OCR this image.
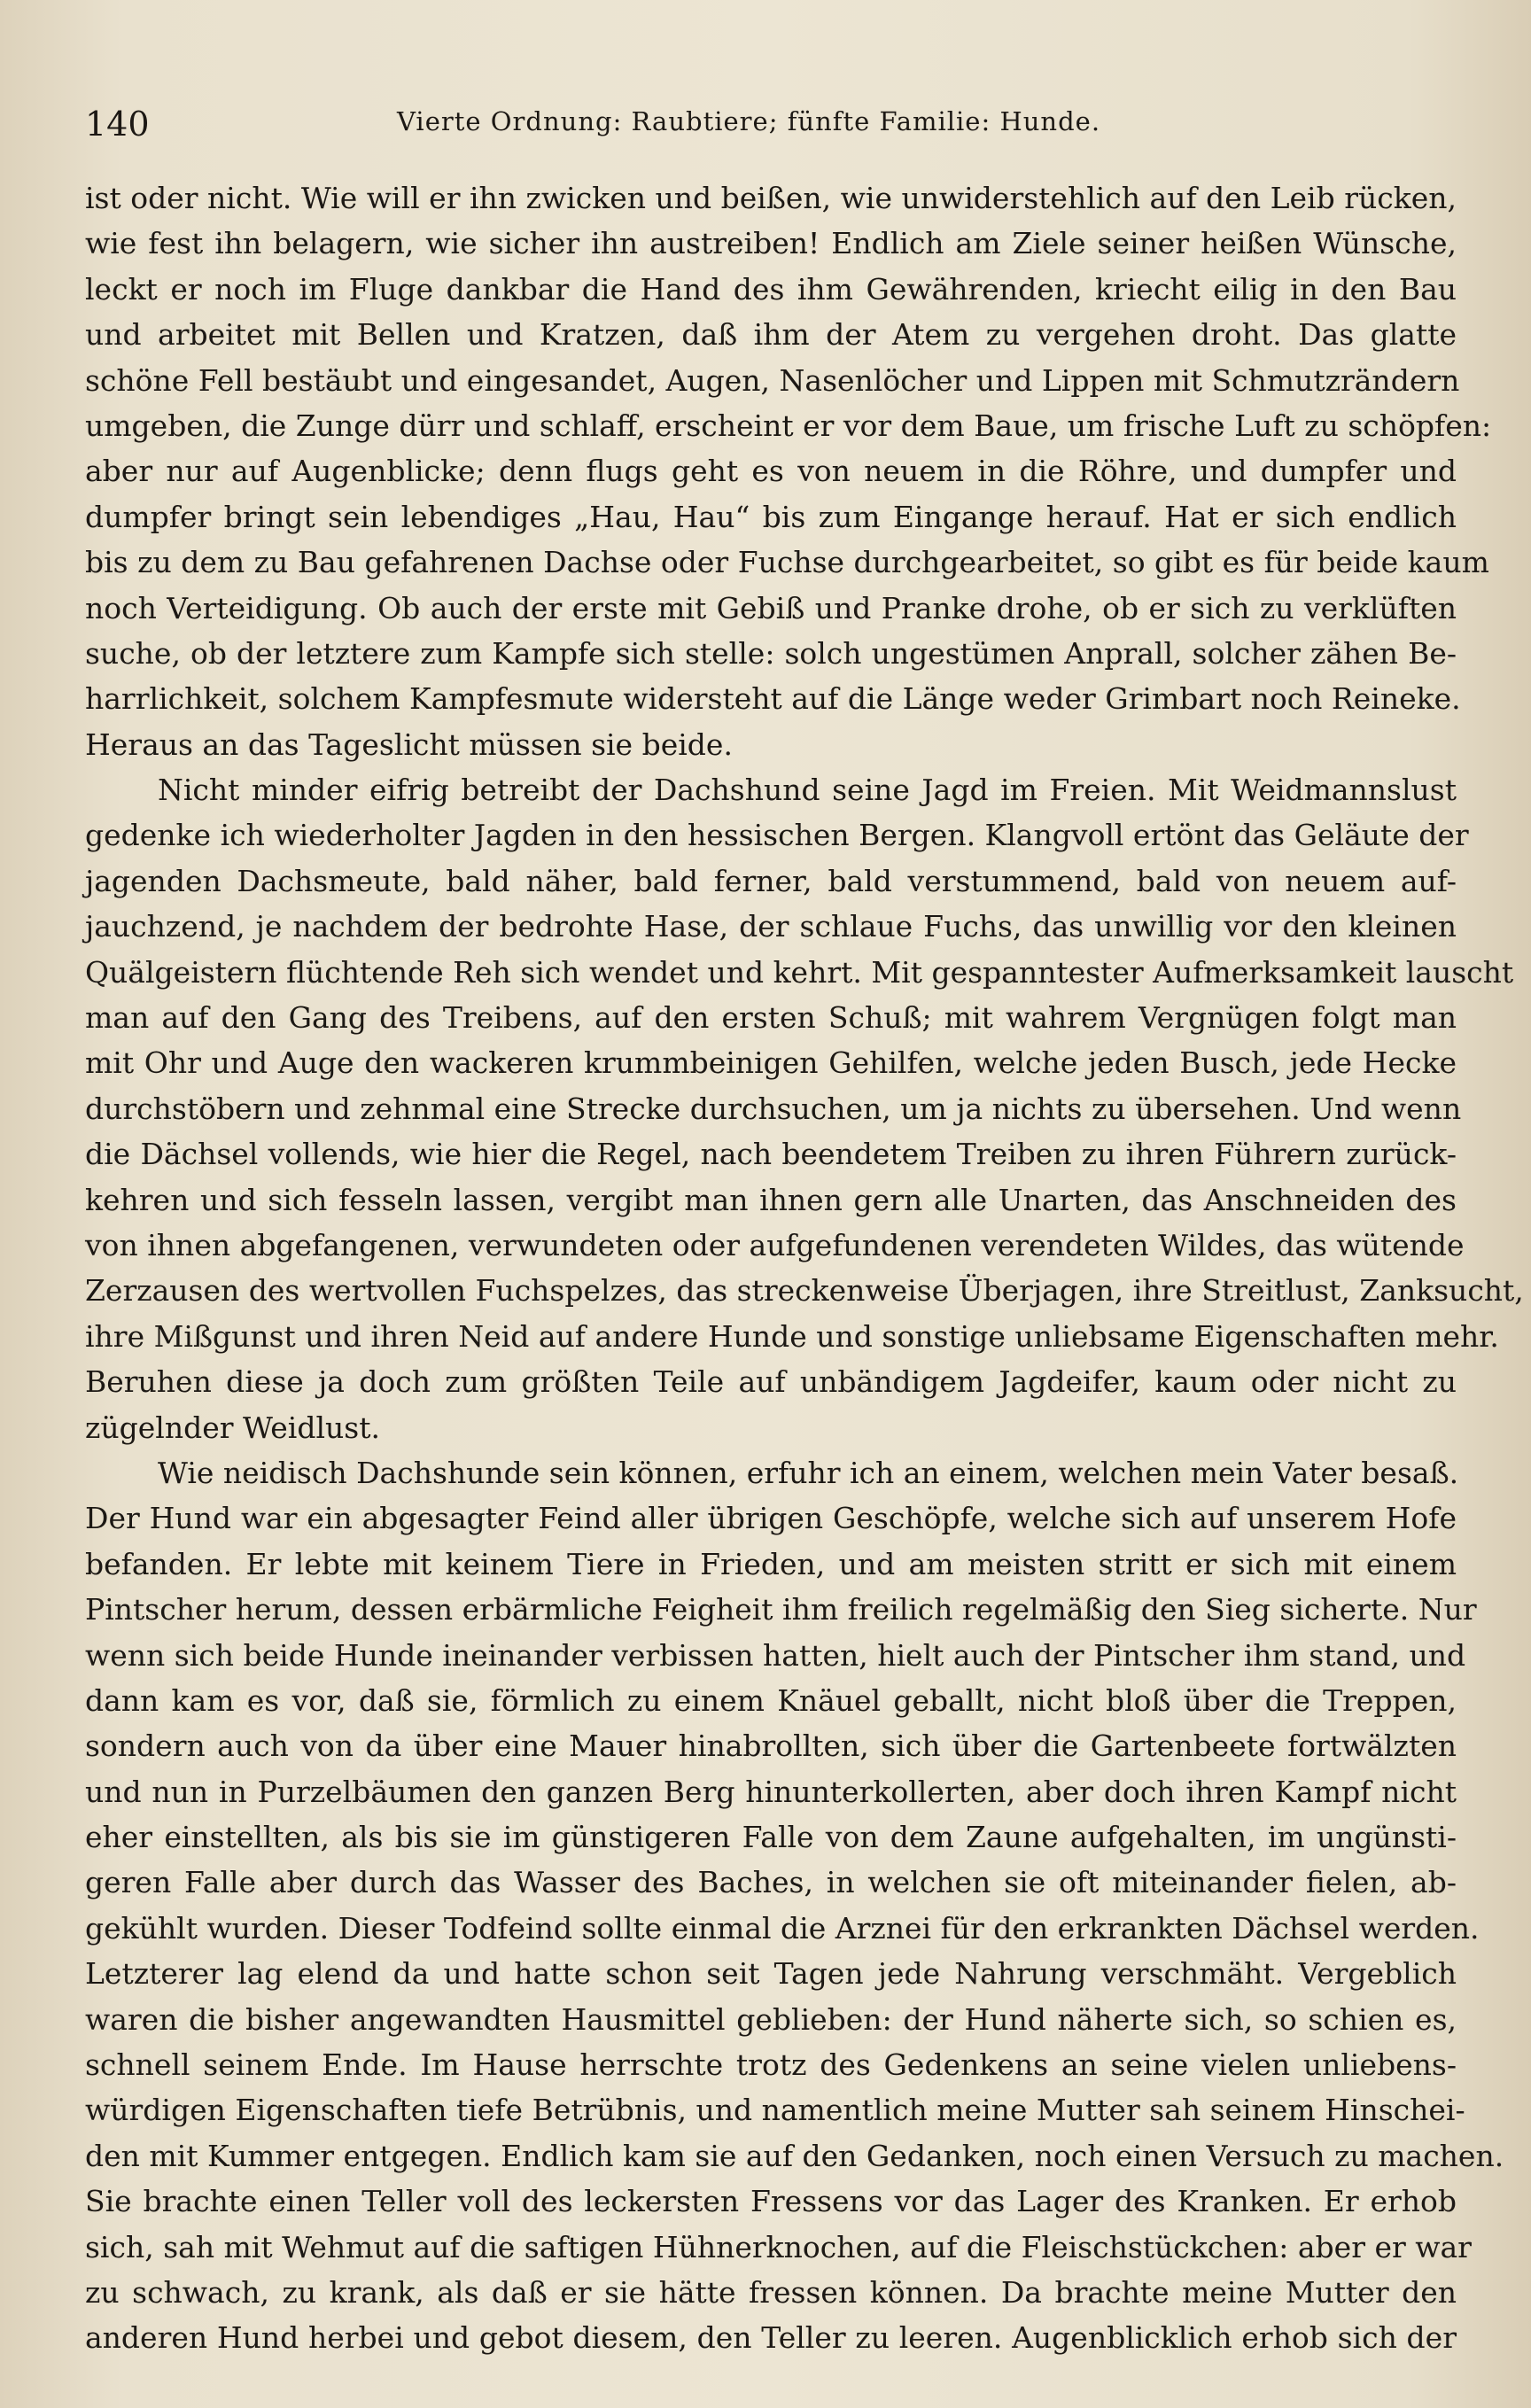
140	Vierte Ordnung: Raubtiere; fünfte Familie: Hunde.
ist oder nicht. Wie will er ihn zwicken und beißen, wie unwiderstehlich auf den Leib rücken,
wie fest ihn belagern, wie sicher ihn austreiben! Endlich am Ziele seiner heißen Wünsche,
leckt er noch im Fluge dankbar die Hand des ihm Gewährenden, kriecht eilig in den Bau
und arbeitet mit Bellen und Kratzen, daß ihm der Atem zu vergehen droht. Das glatte
schöne Fell bestäubt und eingesandet, Augen, Nasenlöcher und Lippen mit Schmutzrändern
umgeben, die Zunge dürr und schlaff, erscheint er vor dem Baue, um frische Luft zu schöpfen:
aber nur auf Augenblicke; denn flugs geht es von neuem in die Röhre, und dumpfer und
dumpfer bringt sein lebendiges „Hau, Hau“ bis zum Eingange herauf. Hat er sich endlich
bis zu dem zu Bau gefahrenen Dachse oder Fuchse durchgearbeitet, so gibt es für beide kaum
noch Verteidigung. Ob auch der erste mit Gebiß und Pranke drohe, ob er sich zu verklüften
suche, ob der letztere zum Kampfe sich stelle: solch ungestümen Anprall, solcher zähen Be-
harrlichkeit, solchem Kampfesmute widersteht auf die Länge weder Grimbart noch Reineke.
Heraus an das Tageslicht müssen sie beide.
Nicht minder eifrig betreibt der Dachshund seine Jagd im Freien. Mit Weidmannslust
gedenke ich wiederholter Jagden in den hessischen Bergen. Klangvoll ertönt das Geläute der
jagenden Dachsmeute, bald näher, bald ferner, bald verstummend, bald von neuem auf-
jauchzend, je nachdem der bedrohte Hase, der schlaue Fuchs, das unwillig vor den kleinen
Quälgeistern flüchtende Reh sich wendet und kehrt. Mit gespanntester Aufmerksamkeit lauscht
man auf den Gang des Treibens, auf den ersten Schuß; mit wahrem Vergnügen folgt man
mit Ohr und Auge den wackeren krummbeinigen Gehilfen, welche jeden Busch, jede Hecke
durchstöbern und zehnmal eine Strecke durchsuchen, um ja nichts zu übersehen. Und wenn
die Dächsel vollends, wie hier die Regel, nach beendetem Treiben zu ihren Führern zurück-
kehren und sich fesseln lassen, vergibt man ihnen gern alle Unarten, das Anschneiden des
von ihnen abgefangenen, verwundeten oder aufgefundenen verendeten Wildes, das wütende
Zerzausen des wertvollen Fuchspelzes, das streckenweise Überjagen, ihre Streitlust, Zanksucht,
ihre Mißgunst und ihren Neid auf andere Hunde und sonstige unliebsame Eigenschaften mehr.
Beruhen diese ja doch zum größten Teile auf unbändigem Jagdeifer, kaum oder nicht zu
zügelnder Weidlust.
Wie neidisch Dachshunde sein können, erfuhr ich an einem, welchen mein Vater besaß.
Der Hund war ein abgesagter Feind aller übrigen Geschöpfe, welche sich auf unserem Hofe
befanden. Er lebte mit keinem Tiere in Frieden, und am meisten stritt er sich mit einem
Pintscher herum, dessen erbärmliche Feigheit ihm freilich regelmäßig den Sieg sicherte. Nur
wenn sich beide Hunde ineinander verbissen hatten, hielt auch der Pintscher ihm stand, und
dann kam es vor, daß sie, förmlich zu einem Knäuel geballt, nicht bloß über die Treppen,
sondern auch von da über eine Mauer hinabrollten, sich über die Gartenbeete fortwälzten
und nun in Purzelbäumen den ganzen Berg hinunterkollerten, aber doch ihren Kampf nicht
eher einstellten, als bis sie im günstigeren Falle von dem Zaune aufgehalten, im ungünsti-
geren Falle aber durch das Wasser des Baches, in welchen sie oft miteinander fielen, ab-
gekühlt wurden. Dieser Todfeind sollte einmal die Arznei für den erkrankten Dächsel werden.
Letzterer lag elend da und hatte schon seit Tagen jede Nahrung verschmäht. Vergeblich
waren die bisher angewandten Hausmittel geblieben: der Hund näherte sich, so schien es,
schnell seinem Ende. Im Hause herrschte trotz des Gedenkens an seine vielen unliebens-
würdigen Eigenschaften tiefe Betrübnis, und namentlich meine Mutter sah seinem Hinschei-
den mit Kummer entgegen. Endlich kam sie auf den Gedanken, noch einen Versuch zu machen.
Sie brachte einen Teller voll des leckersten Fressens vor das Lager des Kranken. Er erhob
sich, sah mit Wehmut auf die saftigen Hühnerknochen, auf die Fleischstückchen: aber er war
zu schwach, zu krank, als daß er sie hätte fressen können. Da brachte meine Mutter den
anderen Hund herbei und gebot diesem, den Teller zu leeren. Augenblicklich erhob sich der
